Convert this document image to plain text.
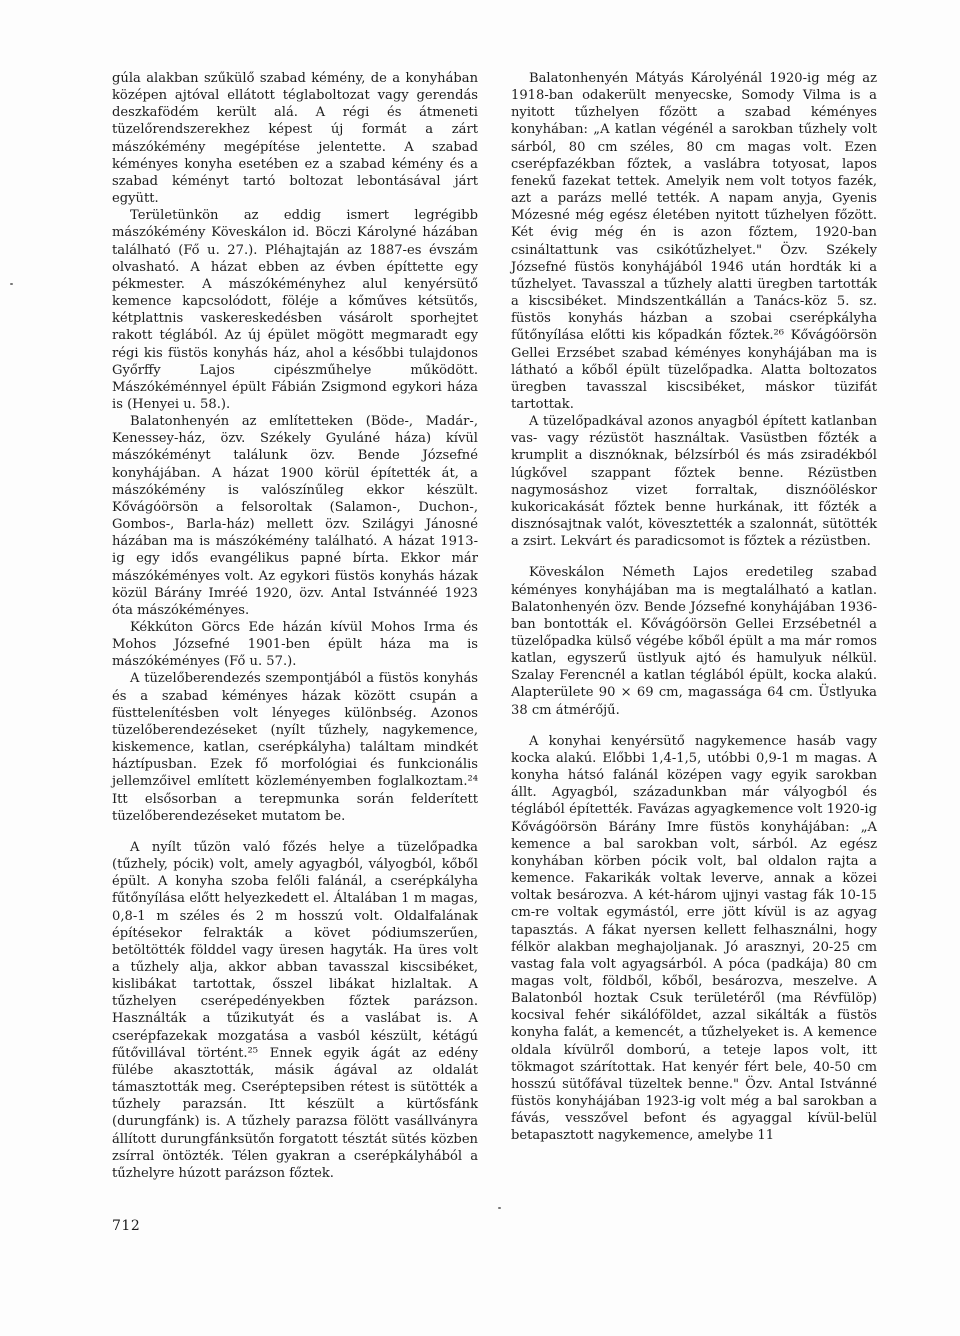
gúla alakban szűkülő szabad kémény, de a konyhában középen ajtóval ellátott téglaboltozat vagy gerendás deszkafödém került alá. A régi és átmeneti tüzelőrendszerekhez képest új formát a zárt mászókémény megépítése jelentette. A szabad kéményes konyha esetében ez a szabad kémény és a szabad kéményt tartó boltozat lebontásával járt együtt.

Területünkön az eddig ismert legrégibb mászókémény Köveskálon id. Böczi Károlyné házában található (Fő u. 27.). Pléhajtaján az 1887-es évszám olvasható. A házat ebben az évben építtette egy pékmester. A mászókéményhez alul kenyérsütő kemence kapcsolódott, föléje a kőműves kétsütős, kétplattnis vaskereskedésben vásárolt sporhejtet rakott téglából. Az új épület mögött megmaradt egy régi kis füstös konyhás ház, ahol a későbbi tulajdonos Győrffy Lajos cipészműhelye működött. Mászókéménnyel épült Fábián Zsigmond egykori háza is (Henyei u. 58.).

Balatonhenyén az említetteken (Böde-, Madár-, Kenessey-ház, özv. Székely Gyuláné háza) kívül mászókéményt találunk özv. Bende Józsefné konyhájában. A házat 1900 körül építették át, a mászókémény is valószínűleg ekkor készült. Kővágóörsön a felsoroltak (Salamon-, Duchon-, Gombos-, Barla-ház) mellett özv. Szilágyi Jánosné házában ma is mászókémény található. A házat 1913-ig egy idős evangélikus papné bírta. Ekkor már mászókéményes volt. Az egykori füstös konyhás házak közül Bárány Imréé 1920, özv. Antal Istvánnéé 1923 óta mászókéményes.

Kékkúton Görcs Ede házán kívül Mohos Irma és Mohos Józsefné 1901-ben épült háza ma is mászókéményes (Fő u. 57.).

A tüzelőberendezés szempontjából a füstös konyhás és a szabad kéményes házak között csupán a füsttelenítésben volt lényeges különbség. Azonos tüzelőberendezéseket (nyílt tűzhely, nagykemence, kiskemence, katlan, cserépkályha) találtam mindkét háztípusban. Ezek fő morfológiai és funkcionális jellemzőivel említett közleményemben foglalkoztam.²⁴ Itt elsősorban a terepmunka során felderített tüzelőberendezéseket mutatom be.

A nyílt tűzön való főzés helye a tüzelőpadka (tűzhely, pócik) volt, amely agyagból, vályogból, kőből épült. A konyha szoba felőli falánál, a cserépkályha fűtőnyílása előtt helyezkedett el. Általában 1 m magas, 0,8-1 m széles és 2 m hosszú volt. Oldalfalának építésekor felrakták a követ pódiumszerűen, betöltötték földdel vagy üresen hagyták. Ha üres volt a tűzhely alja, akkor abban tavasszal kiscsibéket, kislibákat tartottak, ősszel libákat hizlaltak. A tűzhelyen cserépedényekben főztek parázson. Használták a tűzikutyát és a vaslábat is. A cserépfazekak mozgatása a vasból készült, kétágú fűtővillával történt.²⁵ Ennek egyik ágát az edény fülébe akasztották, másik ágával az oldalát támasztották meg. Cseréptepsiben rétest is sütötték a tűzhely parazsán. Itt készült a kürtősfánk (durungfánk) is. A tűzhely parazsa fölött vasállványra állított durungfánksütőn forgatott tésztát sütés közben zsírral öntözték. Télen gyakran a cserépkályhából a tűzhelyre húzott parázson főztek.

Balatonhenyén Mátyás Károlyénál 1920-ig még az 1918-ban odakerült menyecske, Somody Vilma is a nyitott tűzhelyen főzött a szabad kéményes konyhában: „A katlan végénél a sarokban tűzhely volt sárból, 80 cm széles, 80 cm magas volt. Ezen cserépfazékban főztek, a vaslábra totyosat, lapos fenekű fazekat tettek. Amelyik nem volt totyos fazék, azt a parázs mellé tették. A napam anyja, Gyenis Mózesné még egész életében nyitott tűzhelyen főzött. Két évig még én is azon főztem, 1920-ban csináltattunk vas csikótűzhelyet." Özv. Székely Józsefné füstös konyhájából 1946 után hordták ki a tűzhelyet. Tavasszal a tűzhely alatti üregben tartották a kiscsibéket. Mindszentkállán a Tanács-köz 5. sz. füstös konyhás házban a szobai cserépkályha fűtőnyílása előtti kis kőpadkán főztek.²⁶ Kővágóörsön Gellei Erzsébet szabad kéményes konyhájában ma is látható a kőből épült tüzelőpadka. Alatta boltozatos üregben tavasszal kiscsibéket, máskor tüzifát tartottak.

A tüzelőpadkával azonos anyagból épített katlanban vas- vagy rézüstöt használtak. Vasüstben főzték a krumplit a disznóknak, bélzsírból és más zsiradékból lúgkővel szappant főztek benne. Rézüstben nagymosáshoz vizet forraltak, disznóöléskor kukoricakását főztek benne hurkának, itt főzték a disznósajtnak valót, kövesztették a szalonnát, sütötték a zsirt. Lekvárt és paradicsomot is főztek a rézüstben.

Köveskálon Németh Lajos eredetileg szabad kéményes konyhájában ma is megtalálható a katlan. Balatonhenyén özv. Bende Józsefné konyhájában 1936-ban bontották el. Kővágóörsön Gellei Erzsébetnél a tüzelőpadka külső végébe kőből épült a ma már romos katlan, egyszerű üstlyuk ajtó és hamulyuk nélkül. Szalay Ferencnél a katlan téglából épült, kocka alakú. Alapterülete 90 × 69 cm, magassága 64 cm. Üstlyuka 38 cm átmérőjű.

A konyhai kenyérsütő nagykemence hasáb vagy kocka alakú. Előbbi 1,4-1,5, utóbbi 0,9-1 m magas. A konyha hátsó falánál középen vagy egyik sarokban állt. Agyagból, századunkban már vályogból és téglából építették. Favázas agyagkemence volt 1920-ig Kővágóörsön Bárány Imre füstös konyhájában: „A kemence a bal sarokban volt, sárból. Az egész konyhában körben pócik volt, bal oldalon rajta a kemence. Fakarikák voltak leverve, annak a közei voltak besározva. A két-három ujjnyi vastag fák 10-15 cm-re voltak egymástól, erre jött kívül is az agyag tapasztás. A fákat nyersen kellett felhasználni, hogy félkör alakban meghajoljanak. Jó arasznyi, 20-25 cm vastag fala volt agyagsárból. A póca (padkája) 80 cm magas volt, földből, kőből, besározva, meszelve. A Balatonból hoztak Csuk területéről (ma Révfülöp) kocsival fehér sikálóföldet, azzal sikálták a füstös konyha falát, a kemencét, a tűzhelyeket is. A kemence oldala kívülről domború, a teteje lapos volt, itt tökmagot szárítottak. Hat kenyér fért bele, 40-50 cm hosszú sütőfával tüzeltek benne." Özv. Antal Istvánné füstös konyhájában 1923-ig volt még a bal sarokban a fávás, vesszővel befont és agyaggal kívül-belül betapasztott nagykemence, amelybe 11

712
